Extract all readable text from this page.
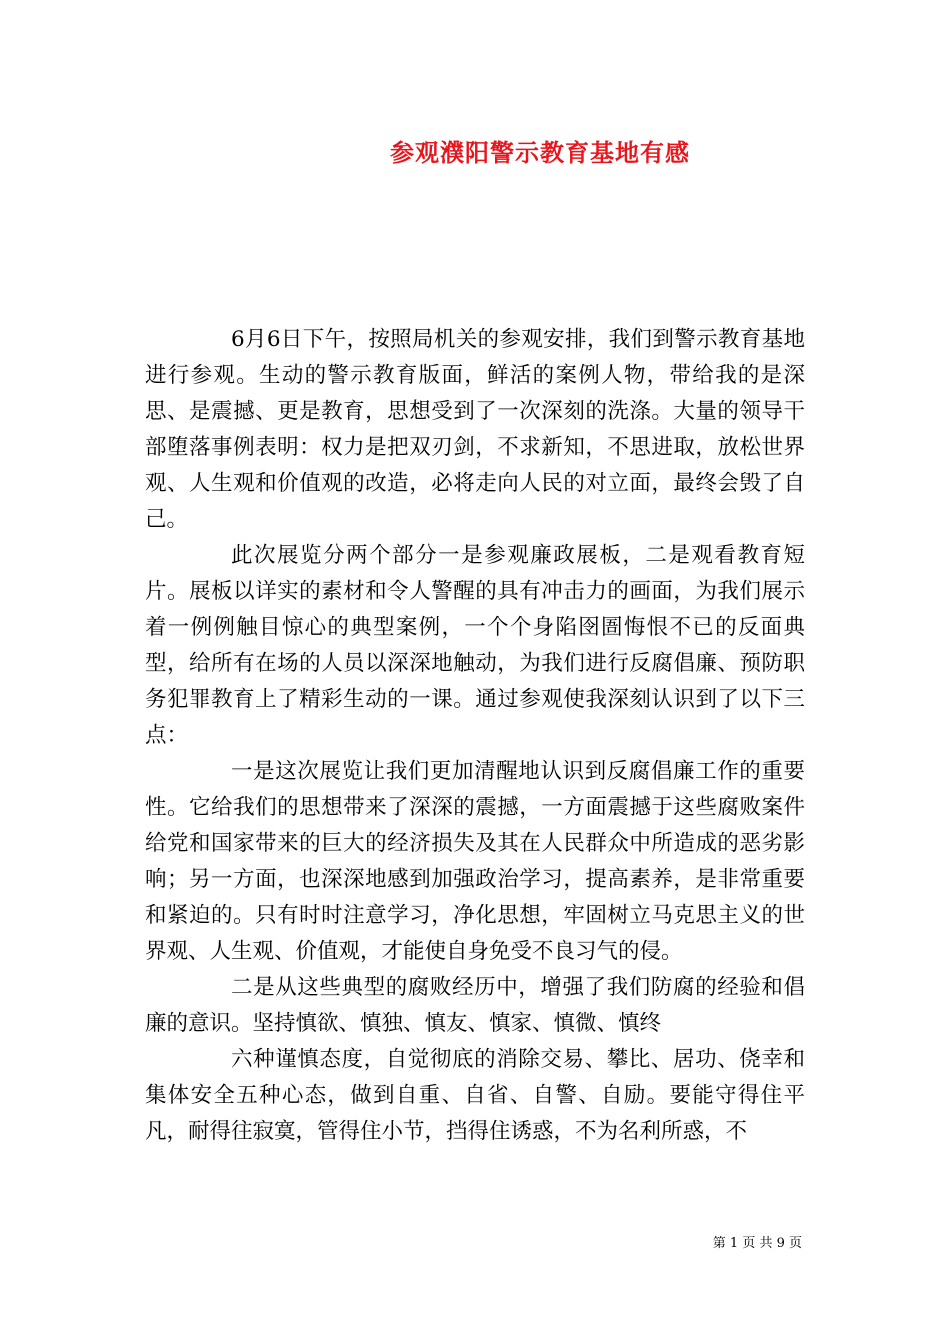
参观濮阳警示教育基地有感

6月6日下午，按照局机关的参观安排，我们到警示教育基地进行参观。生动的警示教育版面，鲜活的案例人物，带给我的是深思、是震撼、更是教育，思想受到了一次深刻的洗涤。大量的领导干部堕落事例表明：权力是把双刃剑，不求新知，不思进取，放松世界观、人生观和价值观的改造，必将走向人民的对立面，最终会毁了自己。

此次展览分两个部分一是参观廉政展板，二是观看教育短片。展板以详实的素材和令人警醒的具有冲击力的画面，为我们展示着一例例触目惊心的典型案例，一个个身陷囹圄悔恨不已的反面典型，给所有在场的人员以深深地触动，为我们进行反腐倡廉、预防职务犯罪教育上了精彩生动的一课。通过参观使我深刻认识到了以下三点：

一是这次展览让我们更加清醒地认识到反腐倡廉工作的重要性。它给我们的思想带来了深深的震撼，一方面震撼于这些腐败案件给党和国家带来的巨大的经济损失及其在人民群众中所造成的恶劣影响；另一方面，也深深地感到加强政治学习，提高素养，是非常重要和紧迫的。只有时时注意学习，净化思想，牢固树立马克思主义的世界观、人生观、价值观，才能使自身免受不良习气的侵。

二是从这些典型的腐败经历中，增强了我们防腐的经验和倡廉的意识。坚持慎欲、慎独、慎友、慎家、慎微、慎终

六种谨慎态度，自觉彻底的消除交易、攀比、居功、侥幸和集体安全五种心态，做到自重、自省、自警、自励。要能守得住平凡，耐得往寂寞，管得住小节，挡得住诱惑，不为名利所惑，不

第 1 页 共 9 页
